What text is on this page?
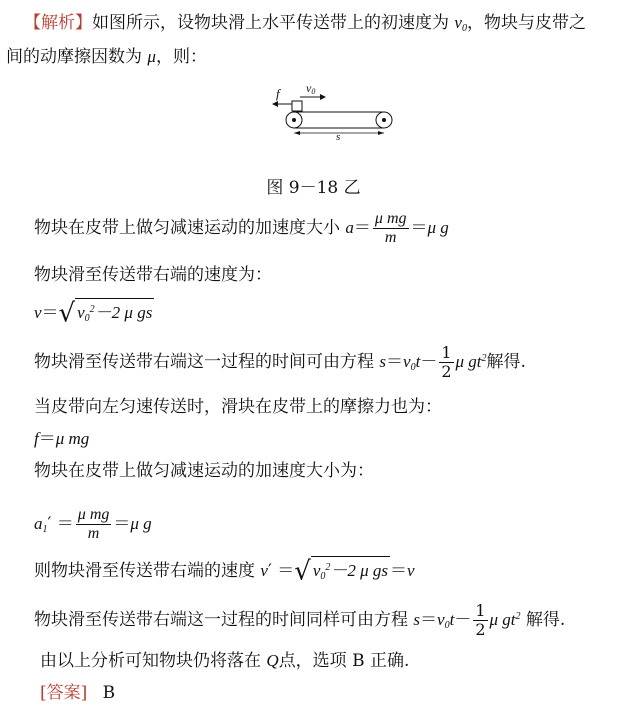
【解析】如图所示，设物块滑上水平传送带上的初速度为 $v_0$，物块与皮带之
间的动摩擦因数为 μ，则：
f v0
s
图 9－18 乙
物块在皮带上做匀减速运动的加速度大小 $a= \frac{\text{μ mg}}{m} =\mu$ g
物块滑至传送带右端的速度为：
v＝√ $v_0^2-2$ μ gs
物块滑至传送带右端这一过程的时间可由方程 $s=v_0t- \frac{1}{2}$ μ $gt^2$解得.
当皮带向左匀速传送时，滑块在皮带上的摩擦力也为：
f＝μ mg
物块在皮带上做匀减速运动的加速度大小为：
$a_1' = \frac{\text{μ mg}}{m} =\mu$ g
则物块滑至传送带右端的速度 v′ ＝√ $v_0^2-2$ μ gs ＝v
物块滑至传送带右端这一过程的时间同样可由方程 $s=v_0t- \frac{1}{2}$ μ $gt^2$ 解得.
由以上分析可知物块仍将落在 Q点，选项 B 正确.
[答案] B
